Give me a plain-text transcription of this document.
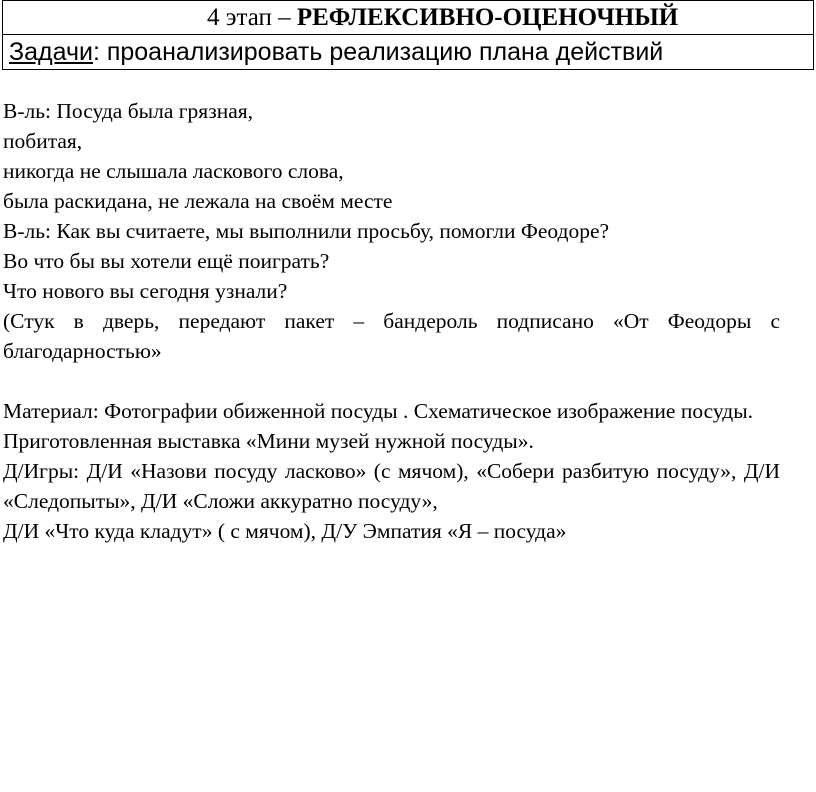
4 этап – РЕФЛЕКСИВНО-ОЦЕНОЧНЫЙ
Задачи: проанализировать реализацию плана действий

В-ль: Посуда была грязная,

побитая,

никогда не слышала ласкового слова,

была раскидана, не лежала на своём месте

В-ль: Как вы считаете, мы выполнили просьбу, помогли Феодоре?

Во что бы вы хотели ещё поиграть?

Что нового вы сегодня узнали?

(Стук в дверь, передают пакет – бандероль подписано «От Феодоры с благодарностью»

Материал: Фотографии обиженной посуды . Схематическое изображение посуды.

Приготовленная выставка «Мини музей нужной посуды».

Д/Игры: Д/И «Назови посуду ласково» (с мячом), «Собери разбитую посуду», Д/И «Следопыты», Д/И «Сложи аккуратно посуду»,

Д/И «Что куда кладут» ( с мячом), Д/У Эмпатия «Я – посуда»
